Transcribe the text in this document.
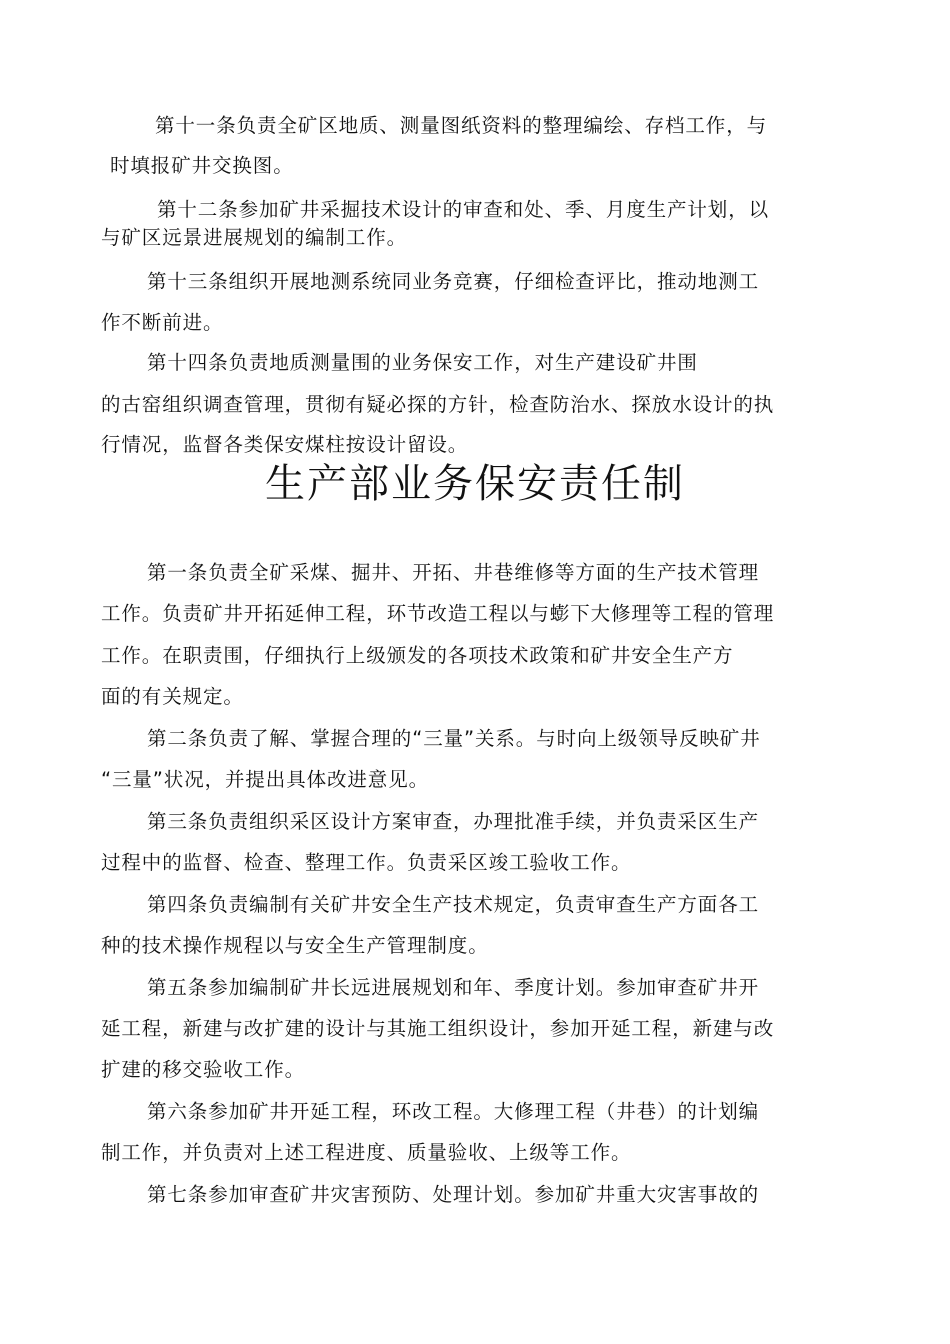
第十一条负责全矿区地质、测量图纸资料的整理编绘、存档工作，与
时填报矿井交换图。
第十二条参加矿井采掘技术设计的审查和处、季、月度生产计划，以
与矿区远景进展规划的编制工作。
第十三条组织开展地测系统同业务竞赛，仔细检查评比，推动地测工
作不断前进。
第十四条负责地质测量围的业务保安工作，对生产建设矿井围
的古窑组织调查管理，贯彻有疑必探的方针，检查防治水、探放水设计的执
行情况，监督各类保安煤柱按设计留设。
生产部业务保安责任制
第一条负责全矿采煤、掘井、开拓、井巷维修等方面的生产技术管理
工作。负责矿井开拓延伸工程，环节改造工程以与蟛下大修理等工程的管理
工作。在职责围，仔细执行上级颁发的各项技术政策和矿井安全生产方
面的有关规定。
第二条负责了解、掌握合理的“三量”关系。与时向上级领导反映矿井
“三量”状况，并提出具体改进意见。
第三条负责组织采区设计方案审查，办理批准手续，并负责采区生产
过程中的监督、检查、整理工作。负责采区竣工验收工作。
第四条负责编制有关矿井安全生产技术规定，负责审查生产方面各工
种的技术操作规程以与安全生产管理制度。
第五条参加编制矿井长远进展规划和年、季度计划。参加审查矿井开
延工程，新建与改扩建的设计与其施工组织设计，参加开延工程，新建与改
扩建的移交验收工作。
第六条参加矿井开延工程，环改工程。大修理工程（井巷）的计划编
制工作，并负责对上述工程进度、质量验收、上级等工作。
第七条参加审查矿井灾害预防、处理计划。参加矿井重大灾害事故的
